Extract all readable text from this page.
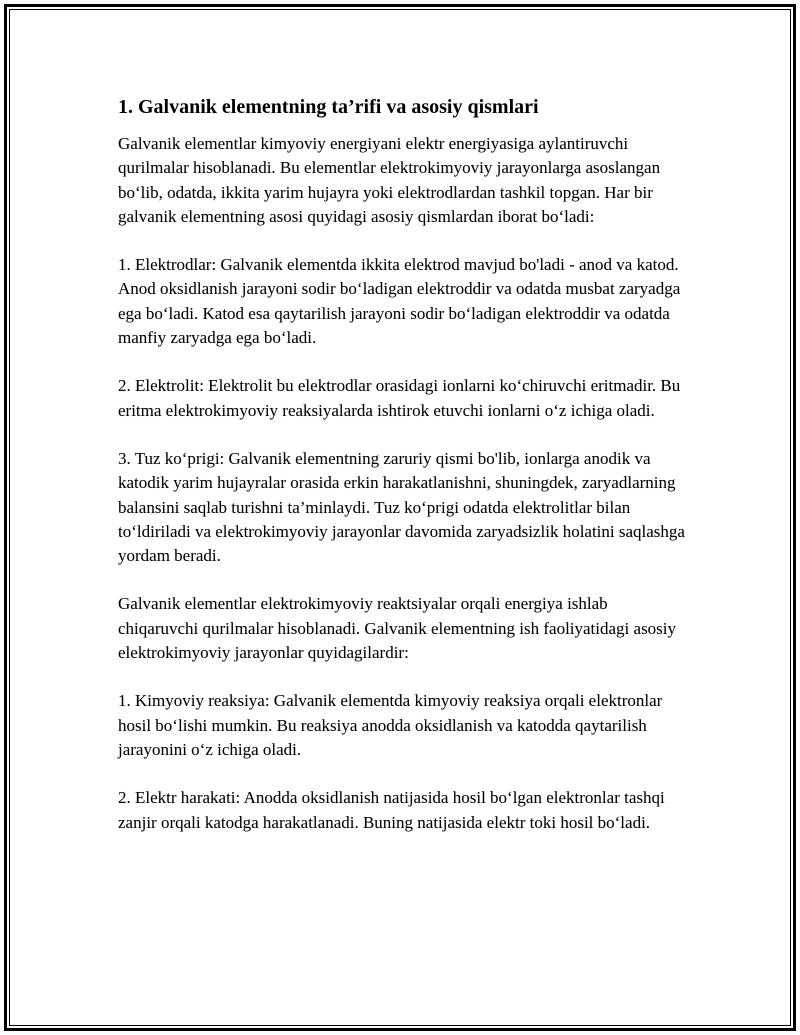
1. Galvanik elementning ta’rifi va asosiy qismlari

Galvanik elementlar kimyoviy energiyani elektr energiyasiga aylantiruvchi qurilmalar hisoblanadi. Bu elementlar elektrokimyoviy jarayonlarga asoslangan bo‘lib, odatda, ikkita yarim hujayra yoki elektrodlardan tashkil topgan. Har bir galvanik elementning asosi quyidagi asosiy qismlardan iborat bo‘ladi:

1. Elektrodlar: Galvanik elementda ikkita elektrod mavjud bo'ladi - anod va katod. Anod oksidlanish jarayoni sodir bo‘ladigan elektroddir va odatda musbat zaryadga ega bo‘ladi. Katod esa qaytarilish jarayoni sodir bo‘ladigan elektroddir va odatda manfiy zaryadga ega bo‘ladi.

2. Elektrolit: Elektrolit bu elektrodlar orasidagi ionlarni ko‘chiruvchi eritmadir. Bu eritma elektrokimyoviy reaksiyalarda ishtirok etuvchi ionlarni o‘z ichiga oladi.

3. Tuz ko‘prigi: Galvanik elementning zaruriy qismi bo'lib, ionlarga anodik va katodik yarim hujayralar orasida erkin harakatlanishni, shuningdek, zaryadlarning balansini saqlab turishni ta’minlaydi. Tuz ko‘prigi odatda elektrolitlar bilan to‘ldiriladi va elektrokimyoviy jarayonlar davomida zaryadsizlik holatini saqlashga yordam beradi.

Galvanik elementlar elektrokimyoviy reaktsiyalar orqali energiya ishlab chiqaruvchi qurilmalar hisoblanadi. Galvanik elementning ish faoliyatidagi asosiy elektrokimyoviy jarayonlar quyidagilardir:

1. Kimyoviy reaksiya: Galvanik elementda kimyoviy reaksiya orqali elektronlar hosil bo‘lishi mumkin. Bu reaksiya anodda oksidlanish va katodda qaytarilish jarayonini o‘z ichiga oladi.

2. Elektr harakati: Anodda oksidlanish natijasida hosil bo‘lgan elektronlar tashqi zanjir orqali katodga harakatlanadi. Buning natijasida elektr toki hosil bo‘ladi.
